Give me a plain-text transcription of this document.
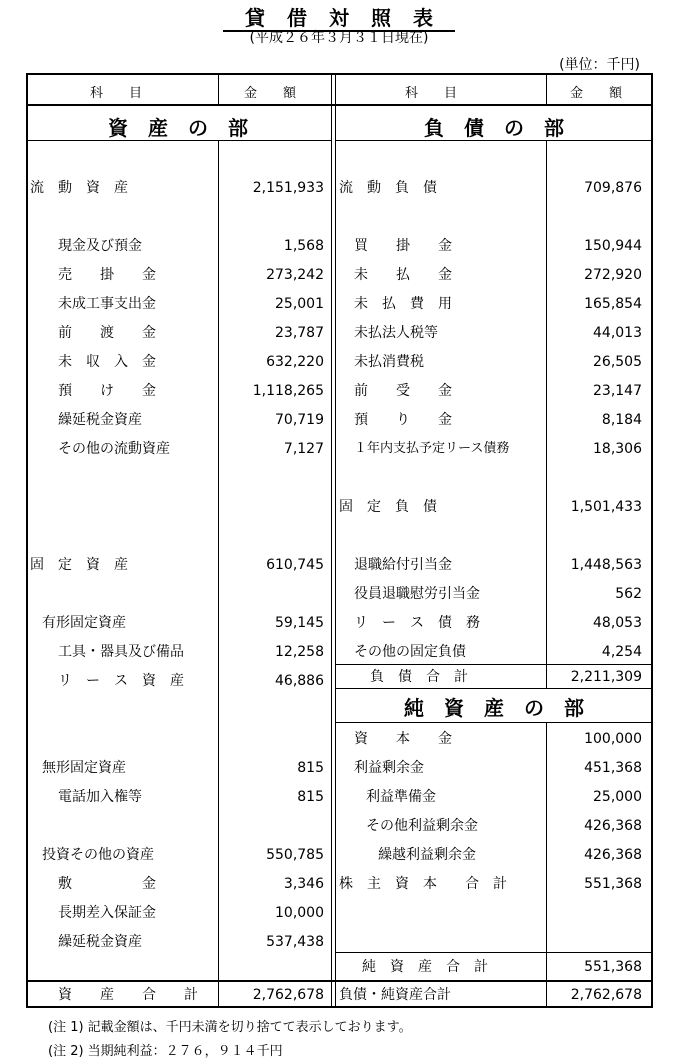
貸借対照表
(平成２６年３月３１日現在)
(単位：千円)
科　　目	金　　額	科　　目	金　　額
資　産　の　部	負　債　の　部
純　資　産　の　部
流　動　資　産	2,151,933
現金及び預金	1,568
売　　掛　　金	273,242
未成工事支出金	25,001
前　　渡　　金	23,787
未　収　入　金	632,220
預　　け　　金	1,118,265
繰延税金資産	70,719
その他の流動資産	7,127
固　定　資　産	610,745
有形固定資産	59,145
工具・器具及び備品	12,258
リ　ー　ス　資　産	46,886
無形固定資産	815
電話加入権等	815
投資その他の資産	550,785
敷　　　　　金	3,346
長期差入保証金	10,000
繰延税金資産	537,438
流　動　負　債	709,876
買　　掛　　金	150,944
未　　払　　金	272,920
未　払　費　用	165,854
未払法人税等	44,013
未払消費税	26,505
前　　受　　金	23,147
預　　り　　金	8,184
１年内支払予定リース債務	18,306
固　定　負　債	1,501,433
退職給付引当金	1,448,563
役員退職慰労引当金	562
リ　ー　ス　債　務	48,053
その他の固定負債	4,254
負　債　合　計	2,211,309
資　　本　　金	100,000
利益剰余金	451,368
利益準備金	25,000
その他利益剰余金	426,368
繰越利益剰余金	426,368
株　主　資　本　　合　計	551,368
純　資　産　合　計	551,368
資　　産　　合　　計	2,762,678 負債・純資産合計	2,762,678
(注 1) 記載金額は、千円未満を切り捨てて表示しております。
(注 2) 当期純利益：２７６，９１４千円
